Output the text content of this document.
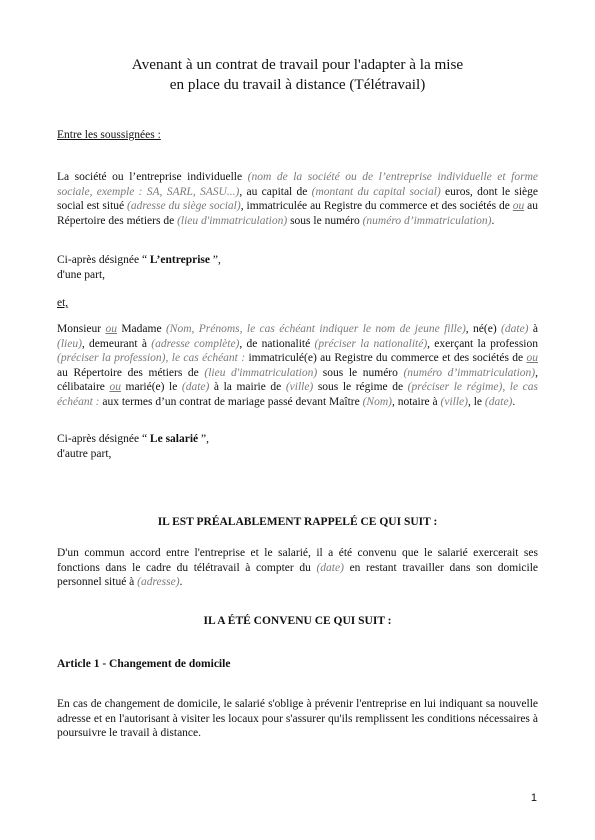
Avenant à un contrat de travail pour l'adapter à la mise
en place du travail à distance (Télétravail)
Entre les soussignées :
La société ou l’entreprise individuelle (nom de la société ou de l’entreprise individuelle et forme sociale, exemple : SA, SARL, SASU...), au capital de (montant du capital social) euros, dont le siège social est situé (adresse du siège social), immatriculée au Registre du commerce et des sociétés de ou au Répertoire des métiers de (lieu d'immatriculation) sous le numéro (numéro d’immatriculation).
Ci-après désignée “ L’entreprise ”,
d'une part,
et,
Monsieur ou Madame (Nom, Prénoms, le cas échéant indiquer le nom de jeune fille), né(e) (date) à (lieu), demeurant à (adresse complète), de nationalité (préciser la nationalité), exerçant la profession (préciser la profession), le cas échéant : immatriculé(e) au Registre du commerce et des sociétés de ou au Répertoire des métiers de (lieu d'immatriculation) sous le numéro (numéro d’immatriculation), célibataire ou marié(e) le (date) à la mairie de (ville) sous le régime de (préciser le régime), le cas échéant : aux termes d’un contrat de mariage passé devant Maître (Nom), notaire à (ville), le (date).
Ci-après désignée “ Le salarié ”,
d'autre part,
IL EST PRÉALABLEMENT RAPPELÉ CE QUI SUIT :
D'un commun accord entre l'entreprise et le salarié, il a été convenu que le salarié exercerait ses fonctions dans le cadre du télétravail à compter du (date) en restant travailler dans son domicile personnel situé à (adresse).
IL A ÉTÉ CONVENU CE QUI SUIT :
Article 1 - Changement de domicile
En cas de changement de domicile, le salarié s'oblige à prévenir l'entreprise en lui indiquant sa nouvelle adresse et en l'autorisant à visiter les locaux pour s'assurer qu'ils remplissent les conditions nécessaires à poursuivre le travail à distance.
1
